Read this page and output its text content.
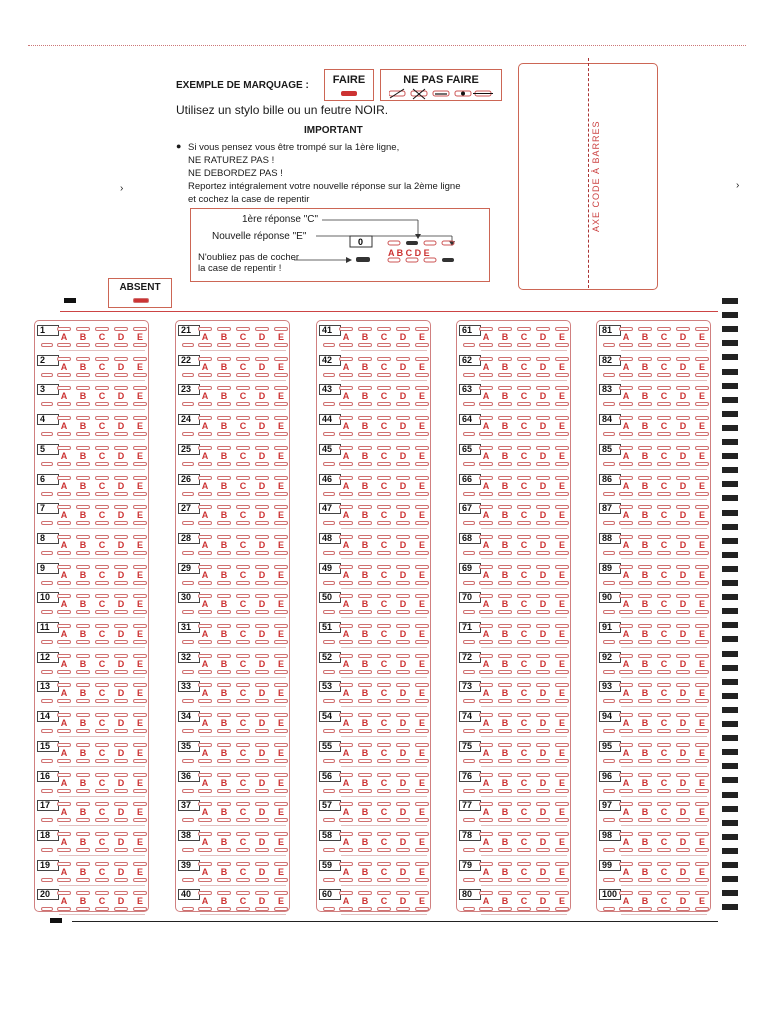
EXEMPLE DE MARQUAGE :	FAIRE	NE PAS FAIRE
Utilisez un stylo bille ou un feutre NOIR.
IMPORTANT
● Si vous pensez vous être trompé sur la 1ère ligne,
NE RATUREZ PAS !
NE DEBORDEZ PAS !
Reportez intégralement votre nouvelle réponse sur la 2ème ligne
et cochez la case de repentir
1ère réponse "C"
Nouvelle réponse "E"
N'oubliez pas de cocher
la case de repentir !
0
A B C D E
AXE CODE À BARRES
›	›
ABSENT
1
A	B	C	D	E
2
A	B	C	D	E
3
A	B	C	D	E
4
A	B	C	D	E
5
A	B	C	D	E
6
A	B	C	D	E
7
A	B	C	D	E
8
A	B	C	D	E
9
A	B	C	D	E
10
A	B	C	D	E
11
A	B	C	D	E
12
A	B	C	D	E
13
A	B	C	D	E
14
A	B	C	D	E
15
A	B	C	D	E
16
A	B	C	D	E
17
A	B	C	D	E
18
A	B	C	D	E
19
A	B	C	D	E
20
A	B	C	D	E
21
A	B	C	D	E
22
A	B	C	D	E
23
A	B	C	D	E
24
A	B	C	D	E
25
A	B	C	D	E
26
A	B	C	D	E
27
A	B	C	D	E
28
A	B	C	D	E
29
A	B	C	D	E
30
A	B	C	D	E
31
A	B	C	D	E
32
A	B	C	D	E
33
A	B	C	D	E
34
A	B	C	D	E
35
A	B	C	D	E
36
A	B	C	D	E
37
A	B	C	D	E
38
A	B	C	D	E
39
A	B	C	D	E
40
A	B	C	D	E
41
A	B	C	D	E
42
A	B	C	D	E
43
A	B	C	D	E
44
A	B	C	D	E
45
A	B	C	D	E
46
A	B	C	D	E
47
A	B	C	D	E
48
A	B	C	D	E
49
A	B	C	D	E
50
A	B	C	D	E
51
A	B	C	D	E
52
A	B	C	D	E
53
A	B	C	D	E
54
A	B	C	D	E
55
A	B	C	D	E
56
A	B	C	D	E
57
A	B	C	D	E
58
A	B	C	D	E
59
A	B	C	D	E
60
A	B	C	D	E
61
A	B	C	D	E
62
A	B	C	D	E
63
A	B	C	D	E
64
A	B	C	D	E
65
A	B	C	D	E
66
A	B	C	D	E
67
A	B	C	D	E
68
A	B	C	D	E
69
A	B	C	D	E
70
A	B	C	D	E
71
A	B	C	D	E
72
A	B	C	D	E
73
A	B	C	D	E
74
A	B	C	D	E
75
A	B	C	D	E
76
A	B	C	D	E
77
A	B	C	D	E
78
A	B	C	D	E
79
A	B	C	D	E
80
A	B	C	D	E
81
A	B	C	D	E
82
A	B	C	D	E
83
A	B	C	D	E
84
A	B	C	D	E
85
A	B	C	D	E
86
A	B	C	D	E
87
A	B	C	D	E
88
A	B	C	D	E
89
A	B	C	D	E
90
A	B	C	D	E
91
A	B	C	D	E
92
A	B	C	D	E
93
A	B	C	D	E
94
A	B	C	D	E
95
A	B	C	D	E
96
A	B	C	D	E
97
A	B	C	D	E
98
A	B	C	D	E
99
A	B	C	D	E
100
A	B	C	D	E
